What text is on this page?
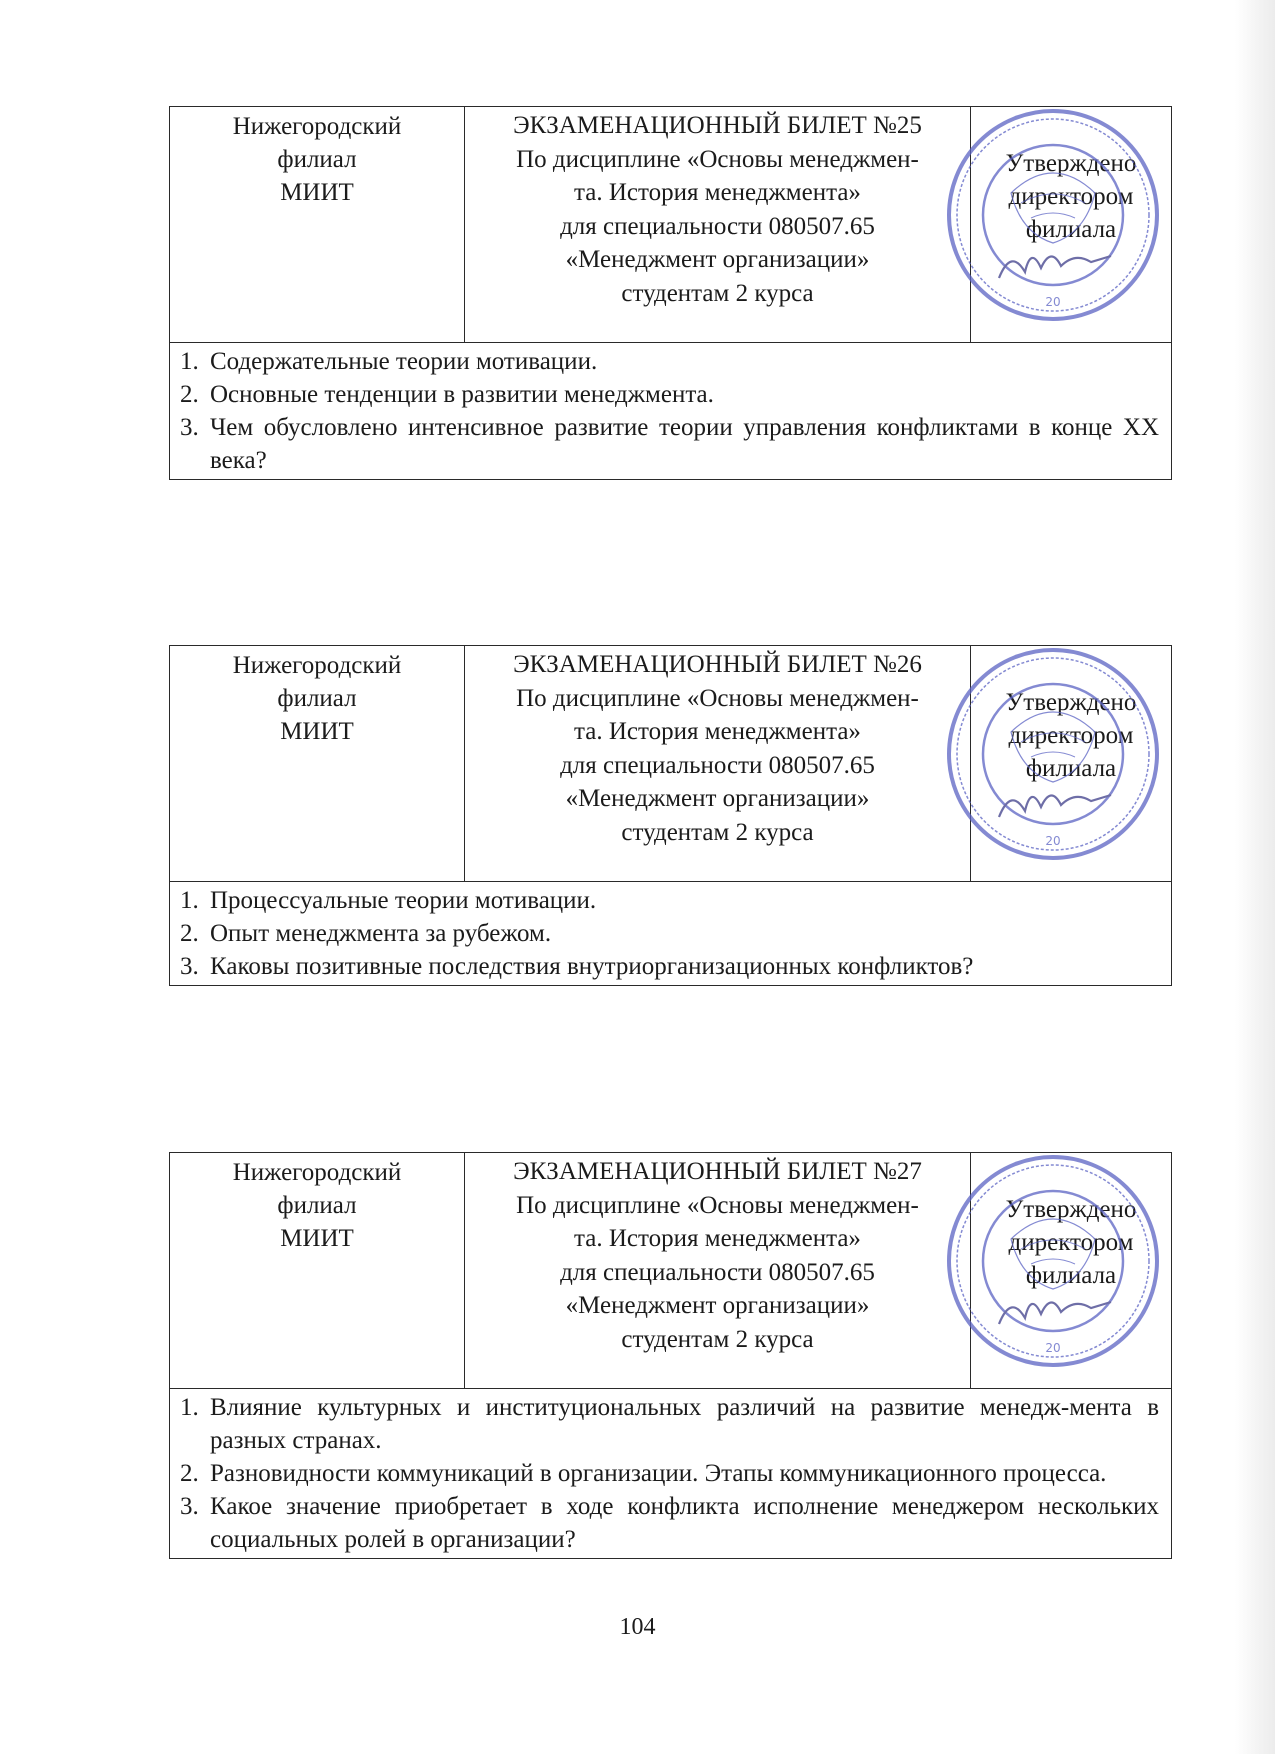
Нижегородский
филиал
МИИТ
ЭКЗАМЕНАЦИОННЫЙ БИЛЕТ №25
По дисциплине «Основы менеджмен-
та. История менеджмента»
для специальности 080507.65
«Менеджмент организации»
студентам 2 курса
Утверждено
директором
филиала
20
1. Содержательные теории мотивации.
2. Основные тенденции в развитии менеджмента.
3. Чем обусловлено интенсивное развитие теории управления конфликтами в конце XX века?
Нижегородский
филиал
МИИТ
ЭКЗАМЕНАЦИОННЫЙ БИЛЕТ №26
По дисциплине «Основы менеджмен-
та. История менеджмента»
для специальности 080507.65
«Менеджмент организации»
студентам 2 курса
Утверждено
директором
филиала
20
1. Процессуальные теории мотивации.
2. Опыт менеджмента за рубежом.
3. Каковы позитивные последствия внутриорганизационных конфликтов?
Нижегородский
филиал
МИИТ
ЭКЗАМЕНАЦИОННЫЙ БИЛЕТ №27
По дисциплине «Основы менеджмен-
та. История менеджмента»
для специальности 080507.65
«Менеджмент организации»
студентам 2 курса
Утверждено
директором
филиала
20
1. Влияние культурных и институциональных различий на развитие менедж-мента в разных странах.
2. Разновидности коммуникаций в организации. Этапы коммуникационного процесса.
3. Какое значение приобретает в ходе конфликта исполнение менеджером нескольких социальных ролей в организации?
104
